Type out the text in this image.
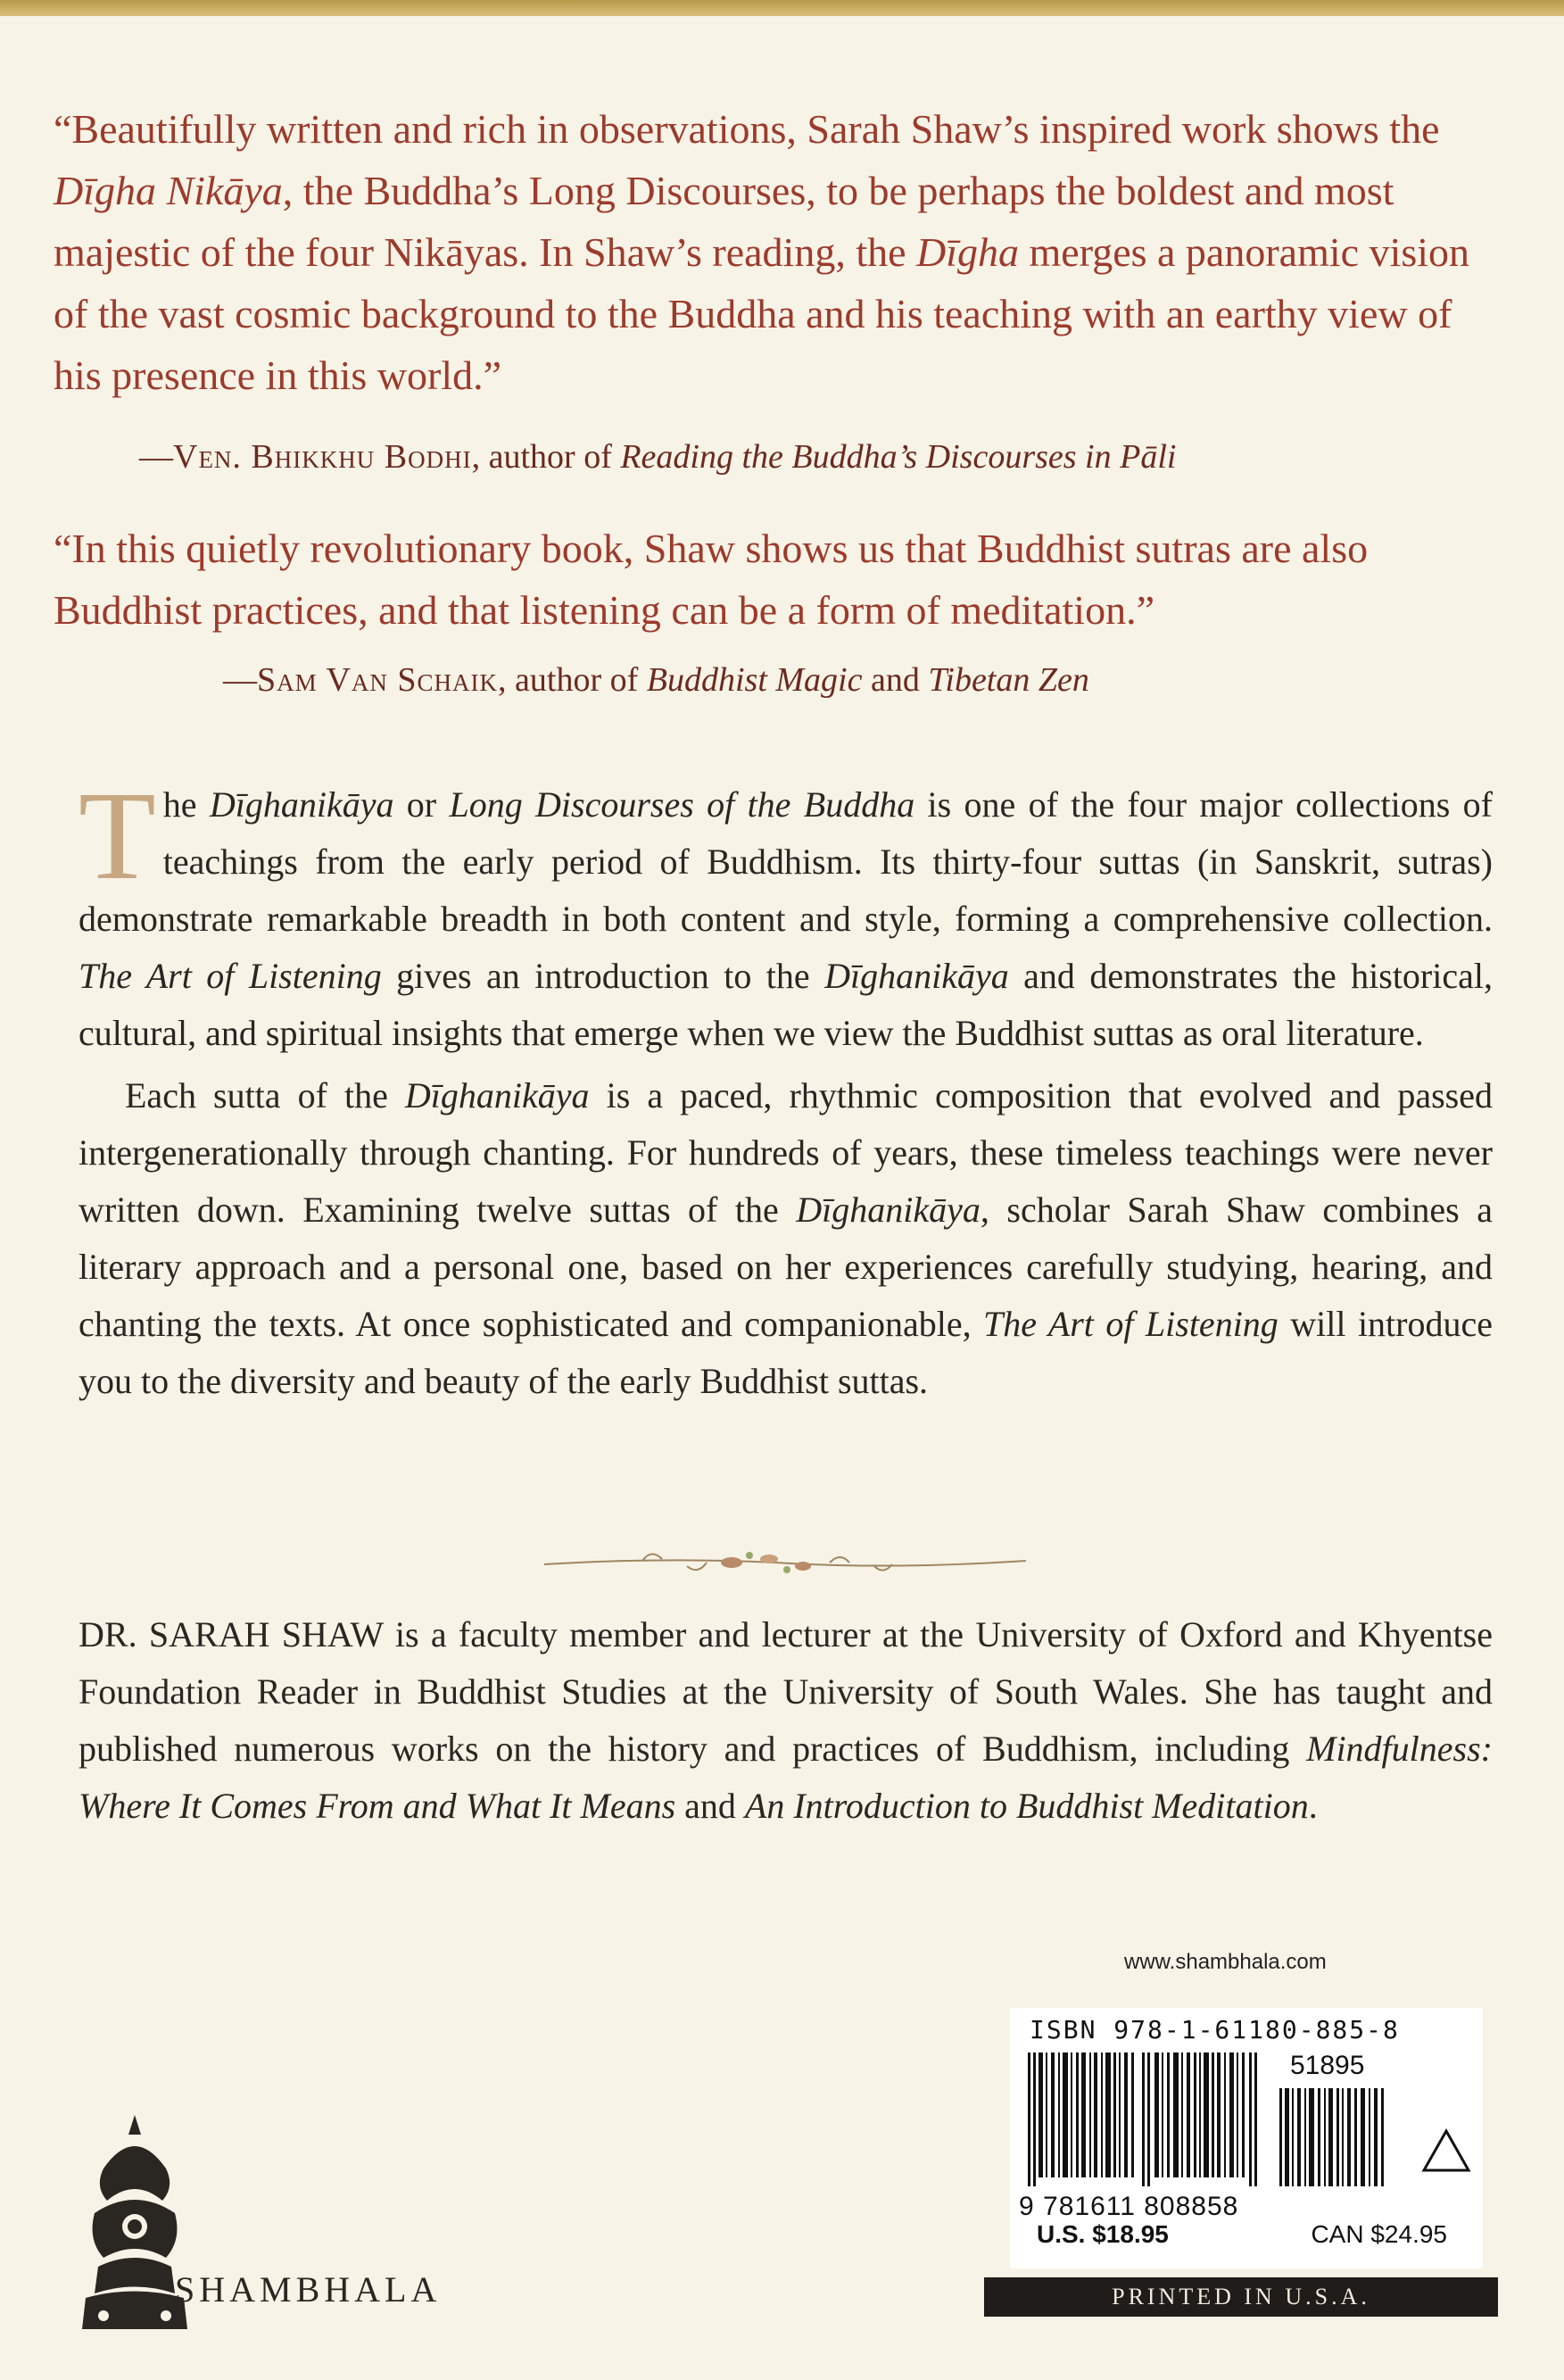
“Beautifully written and rich in observations, Sarah Shaw’s inspired work shows the Dīgha Nikāya, the Buddha’s Long Discourses, to be perhaps the boldest and most majestic of the four Nikāyas. In Shaw’s reading, the Dīgha merges a panoramic vision of the vast cosmic background to the Buddha and his teaching with an earthy view of his presence in this world.”
—Ven. Bhikkhu Bodhi, author of Reading the Buddha’s Discourses in Pāli
“In this quietly revolutionary book, Shaw shows us that Buddhist sutras are also Buddhist practices, and that listening can be a form of meditation.”
—Sam Van Schaik, author of Buddhist Magic and Tibetan Zen
The Dīghanikāya or Long Discourses of the Buddha is one of the four major collections of teachings from the early period of Buddhism. Its thirty-four suttas (in Sanskrit, sutras) demonstrate remarkable breadth in both content and style, forming a comprehensive collection. The Art of Listening gives an introduction to the Dīghanikāya and demonstrates the historical, cultural, and spiritual insights that emerge when we view the Buddhist suttas as oral literature.
Each sutta of the Dīghanikāya is a paced, rhythmic composition that evolved and passed intergenerationally through chanting. For hundreds of years, these timeless teachings were never written down. Examining twelve suttas of the Dīghanikāya, scholar Sarah Shaw combines a literary approach and a personal one, based on her experiences carefully studying, hearing, and chanting the texts. At once sophisticated and companionable, The Art of Listening will introduce you to the diversity and beauty of the early Buddhist suttas.
DR. SARAH SHAW is a faculty member and lecturer at the University of Oxford and Khyentse Foundation Reader in Buddhist Studies at the University of South Wales. She has taught and published numerous works on the history and practices of Buddhism, including Mindfulness: Where It Comes From and What It Means and An Introduction to Buddhist Meditation.
www.shambhala.com
ISBN 978-1-61180-885-8
51895
9 781611 808858
U.S. $18.95	CAN $24.95
PRINTED IN U.S.A.
SHAMBHALA
